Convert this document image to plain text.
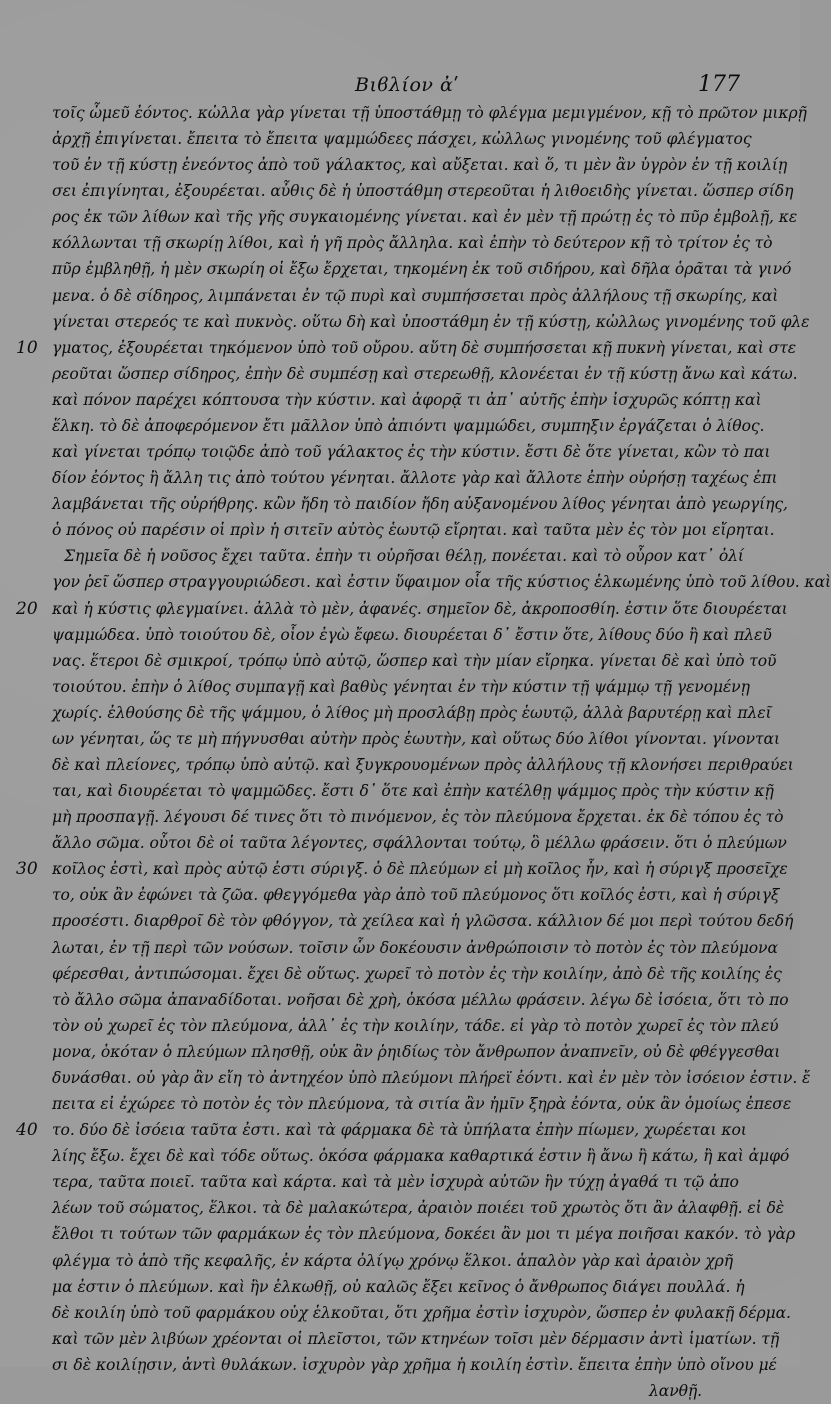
Βιϐλίον ἀʹ	177
τοῖς ὦμεῦ ἐόντος. κὠλλα γὰρ γίνεται τῇ ὑποστάθμῃ τὸ φλέγμα μεμιγμένον, κῇ τὸ πρῶτον μικρῇ
ἀρχῇ ἐπιγίνεται. ἔπειτα τὸ ἔπειτα ψαμμώδεες πάσχει, κὠλλως γινομένης τοῦ φλέγματος
τοῦ ἐν τῇ κύστῃ ἐνεόντος ἀπὸ τοῦ γάλακτος, καὶ αὔξεται. καὶ ὅ, τι μὲν ἂν ὑγρὸν ἐν τῇ κοιλίῃ
σει ἐπιγίνηται, ἐξουρέεται. αὖθις δὲ ἡ ὑποστάθμη στερεοῦται ἡ λιθοειδὴς γίνεται. ὥσπερ σίδη
ρος ἐκ τῶν λίθων καὶ τῆς γῆς συγκαιομένης γίνεται. καὶ ἐν μὲν τῇ πρώτῃ ἐς τὸ πῦρ ἐμβολῇ, κε
κόλλωνται τῇ σκωρίῃ λίθοι, καὶ ἡ γῆ πρὸς ἄλληλα. καὶ ἐπὴν τὸ δεύτερον κῇ τὸ τρίτον ἐς τὸ
πῦρ ἐμβληθῇ, ἡ μὲν σκωρίη οἱ ἔξω ἔρχεται, τηκομένη ἐκ τοῦ σιδήρου, καὶ δῆλα ὁρᾶται τὰ γινό
μενα. ὁ δὲ σίδηρος, λιμπάνεται ἐν τῷ πυρὶ καὶ συμπήσσεται πρὸς ἀλλήλους τῇ σκωρίης, καὶ
γίνεται στερεός τε καὶ πυκνὸς. οὕτω δὴ καὶ ὑποστάθμη ἐν τῇ κύστῃ, κὠλλως γινομένης τοῦ φλε
γματος, ἐξουρέεται τηκόμενον ὑπὸ τοῦ οὔρου. αὕτη δὲ συμπήσσεται κῇ πυκνὴ γίνεται, καὶ στε
ρεοῦται ὥσπερ σίδηρος, ἐπὴν δὲ συμπέσῃ καὶ στερεωθῇ, κλονέεται ἐν τῇ κύστῃ ἄνω καὶ κάτω.
καὶ πόνον παρέχει κόπτουσα τὴν κύστιν. καὶ ἀφορᾷ τι ἀπ᾿ αὐτῆς ἐπὴν ἰσχυρῶς κόπτῃ καὶ
ἕλκη. τὸ δὲ ἀποφερόμενον ἔτι μᾶλλον ὑπὸ ἀπιόντι ψαμμώδει, συμπηξιν ἐργάζεται ὁ λίθος.
καὶ γίνεται τρόπῳ τοιῷδε ἀπὸ τοῦ γάλακτος ἐς τὴν κύστιν. ἔστι δὲ ὅτε γίνεται, κὢν τὸ παι
δίον ἐόντος ἢ ἄλλη τις ἀπὸ τούτου γένηται. ἄλλοτε γὰρ καὶ ἄλλοτε ἐπὴν οὐρήσῃ ταχέως ἐπι
λαμβάνεται τῆς οὐρήθρης. κὢν ἤδη τὸ παιδίον ἤδη αὐξανομένου λίθος γένηται ἀπὸ γεωργίης,
ὁ πόνος οὐ παρέσιν οἱ πρὶν ἡ σιτεῖν αὐτὸς ἑωυτῷ εἴρηται. καὶ ταῦτα μὲν ἐς τὸν μοι εἴρηται.
Σημεῖα δὲ ἡ νοῦσος ἔχει ταῦτα. ἐπὴν τι οὐρῆσαι θέλῃ, πονέεται. καὶ τὸ οὖρον κατ᾿ ὀλί
γον ῥεῖ ὥσπερ στραγγουριώδεσι. καὶ ἐστιν ὕφαιμον οἷα τῆς κύστιος ἑλκωμένης ὑπὸ τοῦ λίθου. καὶ
καὶ ἡ κύστις φλεγμαίνει. ἀλλὰ τὸ μὲν, ἀφανές. σημεῖον δὲ, ἀκροποσθίη. ἐστιν ὅτε διουρέεται
ψαμμώδεα. ὑπὸ τοιούτου δὲ, οἷον ἐγὼ ἔφεω. διουρέεται δ᾿ ἔστιν ὅτε, λίθους δύο ἢ καὶ πλεῦ
νας. ἕτεροι δὲ σμικροί, τρόπῳ ὑπὸ αὐτῷ, ὥσπερ καὶ τὴν μίαν εἴρηκα. γίνεται δὲ καὶ ὑπὸ τοῦ
τοιούτου. ἐπὴν ὁ λίθος συμπαγῇ καὶ βαθὺς γένηται ἐν τὴν κύστιν τῇ ψάμμῳ τῇ γενομένῃ
χωρίς. ἐλθούσης δὲ τῆς ψάμμου, ὁ λίθος μὴ προσλάβῃ πρὸς ἑωυτῷ, ἀλλὰ βαρυτέρῃ καὶ πλεῖ
ων γένηται, ὥς τε μὴ πήγνυσθαι αὐτὴν πρὸς ἑωυτὴν, καὶ οὕτως δύο λίθοι γίνονται. γίνονται
δὲ καὶ πλείονες, τρόπῳ ὑπὸ αὐτῷ. καὶ ξυγκρουομένων πρὸς ἀλλήλους τῇ κλονήσει περιθραύει
ται, καὶ διουρέεται τὸ ψαμμῶδες. ἔστι δ᾿ ὅτε καὶ ἐπὴν κατέλθῃ ψάμμος πρὸς τὴν κύστιν κῇ
μὴ προσπαγῇ. λέγουσι δέ τινες ὅτι τὸ πινόμενον, ἐς τὸν πλεύμονα ἔρχεται. ἐκ δὲ τόπου ἐς τὸ
ἄλλο σῶμα. οὗτοι δὲ οἱ ταῦτα λέγοντες, σφάλλονται τούτῳ, ὃ μέλλω φράσειν. ὅτι ὁ πλεύμων
κοῖλος ἐστὶ, καὶ πρὸς αὐτῷ ἐστι σύριγξ. ὁ δὲ πλεύμων εἰ μὴ κοῖλος ἦν, καὶ ἡ σύριγξ προσεῖχε
το, οὐκ ἂν ἐφώνει τὰ ζῶα. φθεγγόμεθα γὰρ ἀπὸ τοῦ πλεύμονος ὅτι κοῖλός ἐστι, καὶ ἡ σύριγξ
προσέστι. διαρθροῖ δὲ τὸν φθόγγον, τὰ χείλεα καὶ ἡ γλῶσσα. κάλλιον δέ μοι περὶ τούτου δεδή
λωται, ἐν τῇ περὶ τῶν νούσων. τοῖσιν ὧν δοκέουσιν ἀνθρώποισιν τὸ ποτὸν ἐς τὸν πλεύμονα
φέρεσθαι, ἀντιπώσομαι. ἔχει δὲ οὕτως. χωρεῖ τὸ ποτὸν ἐς τὴν κοιλίην, ἀπὸ δὲ τῆς κοιλίης ἐς
τὸ ἄλλο σῶμα ἀπαναδίδοται. νοῆσαι δὲ χρὴ, ὁκόσα μέλλω φράσειν. λέγω δὲ ἰσόεια, ὅτι τὸ πο
τὸν οὐ χωρεῖ ἐς τὸν πλεύμονα, ἀλλ᾿ ἐς τὴν κοιλίην, τάδε. εἰ γὰρ τὸ ποτὸν χωρεῖ ἐς τὸν πλεύ
μονα, ὁκόταν ὁ πλεύμων πλησθῇ, οὐκ ἂν ῥηιδίως τὸν ἄνθρωπον ἀναπνεῖν, οὐ δὲ φθέγγεσθαι
δυνάσθαι. οὐ γὰρ ἂν εἴη τὸ ἀντηχέον ὑπὸ πλεύμονι πλήρεϊ ἐόντι. καὶ ἐν μὲν τὸν ἰσόειον ἐστιν. ἔ
πειτα εἰ ἐχώρεε τὸ ποτὸν ἐς τὸν πλεύμονα, τὰ σιτία ἂν ἡμῖν ξηρὰ ἐόντα, οὐκ ἂν ὁμοίως ἐπεσε
το. δύο δὲ ἰσόεια ταῦτα ἐστι. καὶ τὰ φάρμακα δὲ τὰ ὑπήλατα ἐπὴν πίωμεν, χωρέεται κοι
λίης ἔξω. ἔχει δὲ καὶ τόδε οὕτως. ὁκόσα φάρμακα καθαρτικά ἐστιν ἢ ἄνω ἢ κάτω, ἢ καὶ ἀμφό
τερα, ταῦτα ποιεῖ. ταῦτα καὶ κάρτα. καὶ τὰ μὲν ἰσχυρὰ αὐτῶν ἢν τύχῃ ἀγαθά τι τῷ ἀπο
λέων τοῦ σώματος, ἕλκοι. τὰ δὲ μαλακώτερα, ἀραιὸν ποιέει τοῦ χρωτὸς ὅτι ἂν ἀλαφθῇ. εἰ δὲ
ἔλθοι τι τούτων τῶν φαρμάκων ἐς τὸν πλεύμονα, δοκέει ἂν μοι τι μέγα ποιῆσαι κακόν. τὸ γὰρ
φλέγμα τὸ ἀπὸ τῆς κεφαλῆς, ἐν κάρτα ὀλίγῳ χρόνῳ ἕλκοι. ἁπαλὸν γὰρ καὶ ἀραιὸν χρῆ
μα ἐστιν ὁ πλεύμων. καὶ ἢν ἑλκωθῇ, οὐ καλῶς ἔξει κεῖνος ὁ ἄνθρωπος διάγει πουλλά. ἡ
δὲ κοιλίη ὑπὸ τοῦ φαρμάκου οὐχ ἑλκοῦται, ὅτι χρῆμα ἐστὶν ἰσχυρὸν, ὥσπερ ἐν φυλακῇ δέρμα.
καὶ τῶν μὲν λιβύων χρέονται οἱ πλεῖστοι, τῶν κτηνέων τοῖσι μὲν δέρμασιν ἀντὶ ἱματίων. τῇ
σι δὲ κοιλίῃσιν, ἀντὶ θυλάκων. ἰσχυρὸν γὰρ χρῆμα ἡ κοιλίη ἐστὶν. ἔπειτα ἐπὴν ὑπὸ οἴνου μέ
λανθῇ.
10
20
30
40
